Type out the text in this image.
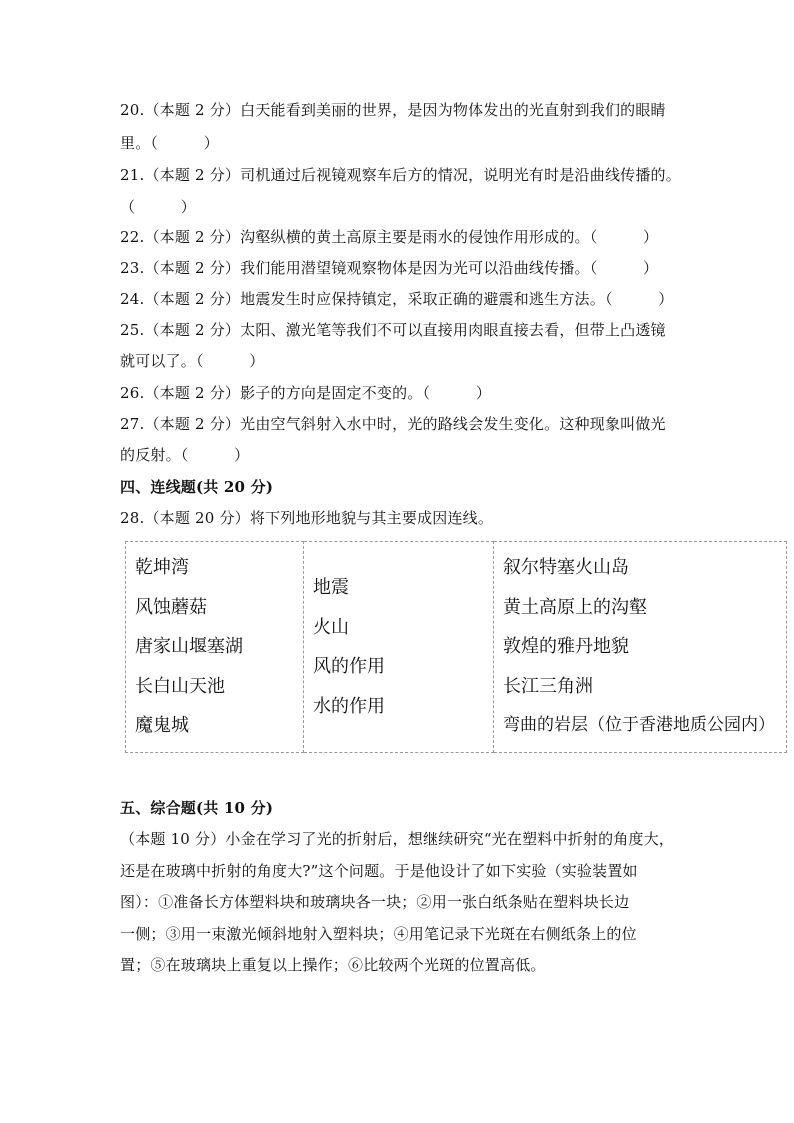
20.（本题 2 分）白天能看到美丽的世界，是因为物体发出的光直射到我们的眼睛
里。（　　　）
21.（本题 2 分）司机通过后视镜观察车后方的情况，说明光有时是沿曲线传播的。
（　　　）
22.（本题 2 分）沟壑纵横的黄土高原主要是雨水的侵蚀作用形成的。（　　　）
23.（本题 2 分）我们能用潜望镜观察物体是因为光可以沿曲线传播。（　　　）
24.（本题 2 分）地震发生时应保持镇定，采取正确的避震和逃生方法。（　　　）
25.（本题 2 分）太阳、激光笔等我们不可以直接用肉眼直接去看，但带上凸透镜
就可以了。（　　　）
26.（本题 2 分）影子的方向是固定不变的。（　　　）
27.（本题 2 分）光由空气斜射入水中时，光的路线会发生变化。这种现象叫做光
的反射。（　　　）
四、连线题(共 20 分)
28.（本题 20 分）将下列地形地貌与其主要成因连线。
乾坤湾
风蚀蘑菇
唐家山堰塞湖
长白山天池
魔鬼城

地震
火山
风的作用
水的作用

叙尔特塞火山岛
黄土高原上的沟壑
敦煌的雅丹地貌
长江三角洲
弯曲的岩层（位于香港地质公园内）
五、综合题(共 10 分)
（本题 10 分）小金在学习了光的折射后，想继续研究“光在塑料中折射的角度大，
还是在玻璃中折射的角度大?”这个问题。于是他设计了如下实验（实验装置如
图）：①准备长方体塑料块和玻璃块各一块；②用一张白纸条贴在塑料块长边
一侧；③用一束激光倾斜地射入塑料块；④用笔记录下光斑在右侧纸条上的位
置；⑤在玻璃块上重复以上操作；⑥比较两个光斑的位置高低。
